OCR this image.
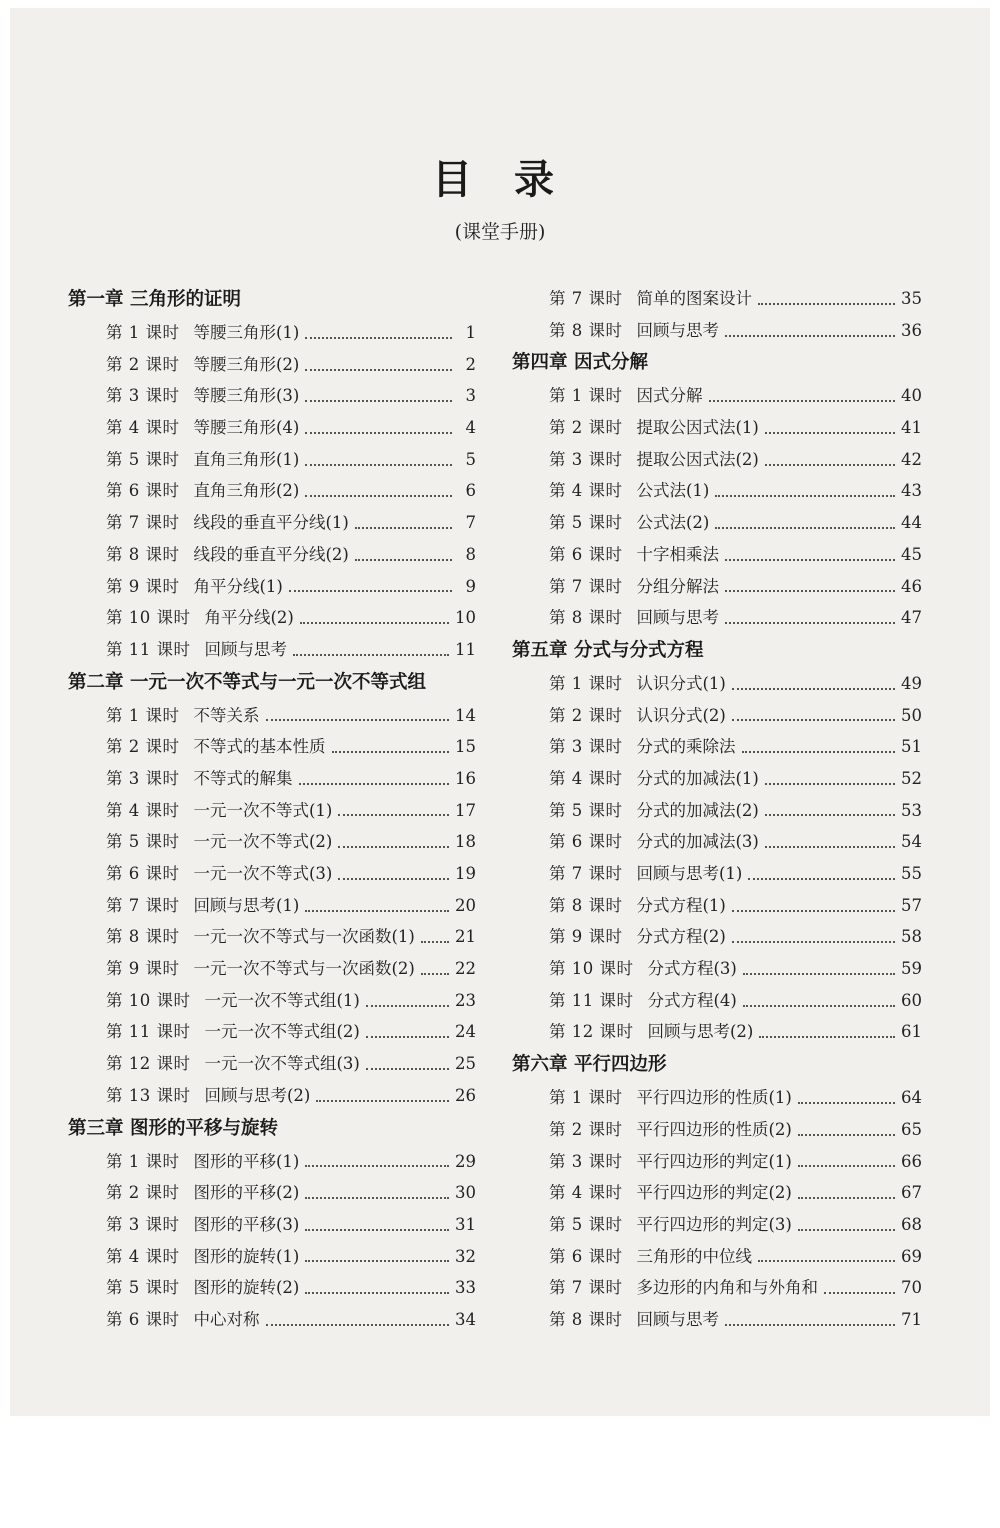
目 录
(课堂手册)
第一章 三角形的证明
第 1 课时 等腰三角形(1)	1
第 2 课时 等腰三角形(2)	2
第 3 课时 等腰三角形(3)	3
第 4 课时 等腰三角形(4)	4
第 5 课时 直角三角形(1)	5
第 6 课时 直角三角形(2)	6
第 7 课时 线段的垂直平分线(1)	7
第 8 课时 线段的垂直平分线(2)	8
第 9 课时 角平分线(1)	9
第 10 课时 角平分线(2)	10
第 11 课时 回顾与思考	11
第二章 一元一次不等式与一元一次不等式组
第 1 课时 不等关系	14
第 2 课时 不等式的基本性质	15
第 3 课时 不等式的解集	16
第 4 课时 一元一次不等式(1)	17
第 5 课时 一元一次不等式(2)	18
第 6 课时 一元一次不等式(3)	19
第 7 课时 回顾与思考(1)	20
第 8 课时 一元一次不等式与一次函数(1) 21
第 9 课时 一元一次不等式与一次函数(2) 22
第 10 课时 一元一次不等式组(1)	23
第 11 课时 一元一次不等式组(2)	24
第 12 课时 一元一次不等式组(3)	25
第 13 课时 回顾与思考(2)	26
第三章 图形的平移与旋转
第 1 课时 图形的平移(1)	29
第 2 课时 图形的平移(2)	30
第 3 课时 图形的平移(3)	31
第 4 课时 图形的旋转(1)	32
第 5 课时 图形的旋转(2)	33
第 6 课时 中心对称	34
第 7 课时 简单的图案设计	35
第 8 课时 回顾与思考	36
第四章 因式分解
第 1 课时 因式分解	40
第 2 课时 提取公因式法(1)	41
第 3 课时 提取公因式法(2)	42
第 4 课时 公式法(1)	43
第 5 课时 公式法(2)	44
第 6 课时 十字相乘法	45
第 7 课时 分组分解法	46
第 8 课时 回顾与思考	47
第五章 分式与分式方程
第 1 课时 认识分式(1)	49
第 2 课时 认识分式(2)	50
第 3 课时 分式的乘除法	51
第 4 课时 分式的加减法(1)	52
第 5 课时 分式的加减法(2)	53
第 6 课时 分式的加减法(3)	54
第 7 课时 回顾与思考(1)	55
第 8 课时 分式方程(1)	57
第 9 课时 分式方程(2)	58
第 10 课时 分式方程(3)	59
第 11 课时 分式方程(4)	60
第 12 课时 回顾与思考(2)	61
第六章 平行四边形
第 1 课时 平行四边形的性质(1)	64
第 2 课时 平行四边形的性质(2)	65
第 3 课时 平行四边形的判定(1)	66
第 4 课时 平行四边形的判定(2)	67
第 5 课时 平行四边形的判定(3)	68
第 6 课时 三角形的中位线	69
第 7 课时 多边形的内角和与外角和	70
第 8 课时 回顾与思考	71
